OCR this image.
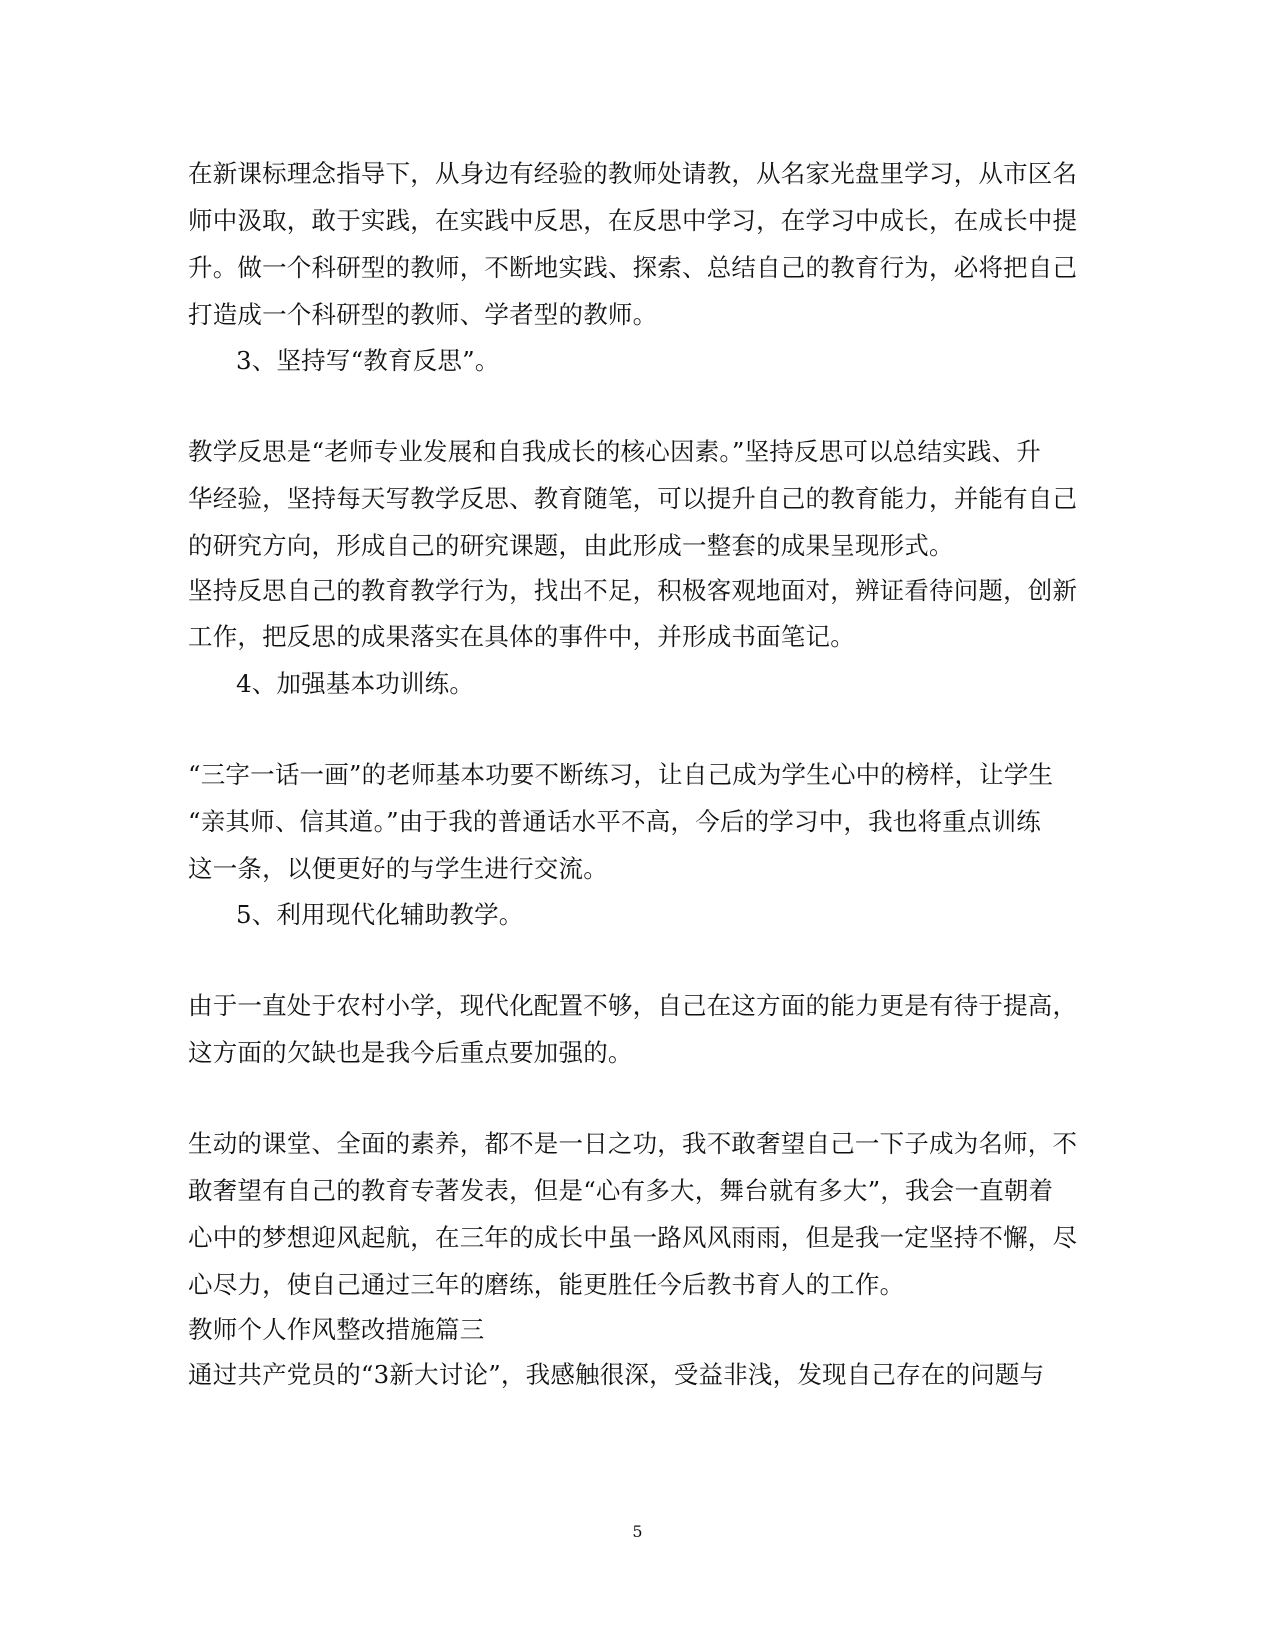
在新课标理念指导下，从身边有经验的教师处请教，从名家光盘里学习，从市区名
师中汲取，敢于实践，在实践中反思，在反思中学习，在学习中成长，在成长中提
升。做一个科研型的教师，不断地实践、探索、总结自己的教育行为，必将把自己
打造成一个科研型的教师、学者型的教师。
3、坚持写“教育反思”。
教学反思是“老师专业发展和自我成长的核心因素。”坚持反思可以总结实践、升
华经验，坚持每天写教学反思、教育随笔，可以提升自己的教育能力，并能有自己
的研究方向，形成自己的研究课题，由此形成一整套的成果呈现形式。
坚持反思自己的教育教学行为，找出不足，积极客观地面对，辨证看待问题，创新
工作，把反思的成果落实在具体的事件中，并形成书面笔记。
4、加强基本功训练。
“三字一话一画”的老师基本功要不断练习，让自己成为学生心中的榜样，让学生
“亲其师、信其道。”由于我的普通话水平不高，今后的学习中，我也将重点训练
这一条，以便更好的与学生进行交流。
5、利用现代化辅助教学。
由于一直处于农村小学，现代化配置不够，自己在这方面的能力更是有待于提高，
这方面的欠缺也是我今后重点要加强的。
生动的课堂、全面的素养，都不是一日之功，我不敢奢望自己一下子成为名师，不
敢奢望有自己的教育专著发表，但是“心有多大，舞台就有多大”，我会一直朝着
心中的梦想迎风起航，在三年的成长中虽一路风风雨雨，但是我一定坚持不懈，尽
心尽力，使自己通过三年的磨练，能更胜任今后教书育人的工作。
教师个人作风整改措施篇三
通过共产党员的“3新大讨论”，我感触很深，受益非浅，发现自己存在的问题与
5
